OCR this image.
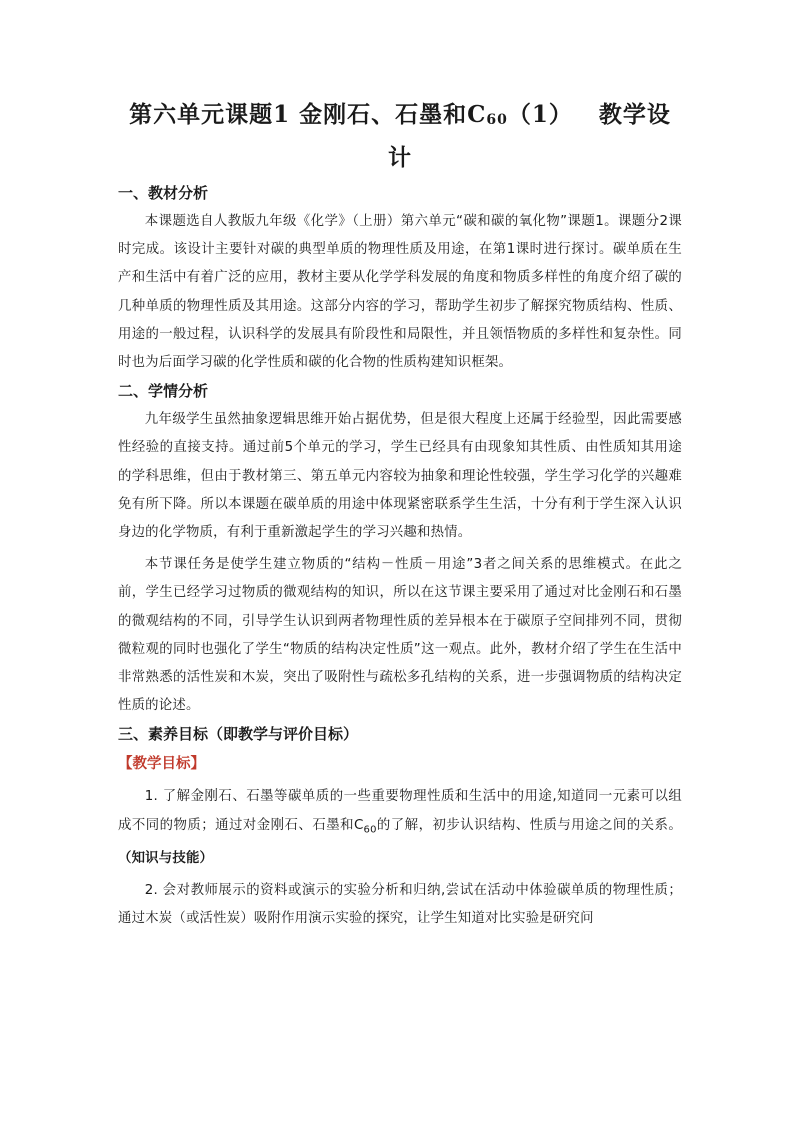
第六单元课题1 金刚石、石墨和$C_{60}(1)$ 教学设
计
一、教材分析

本课题选自人教版九年级《化学》（上册）第六单元“碳和碳的氧化物”课题1。课题分2课时完成。该设计主要针对碳的典型单质的物理性质及用途，在第1课时进行探讨。碳单质在生产和生活中有着广泛的应用，教材主要从化学学科发展的角度和物质多样性的角度介绍了碳的几种单质的物理性质及其用途。这部分内容的学习，帮助学生初步了解探究物质结构、性质、用途的一般过程，认识科学的发展具有阶段性和局限性，并且领悟物质的多样性和复杂性。同时也为后面学习碳的化学性质和碳的化合物的性质构建知识框架。

二、学情分析

九年级学生虽然抽象逻辑思维开始占据优势，但是很大程度上还属于经验型，因此需要感性经验的直接支持。通过前5个单元的学习，学生已经具有由现象知其性质、由性质知其用途的学科思维，但由于教材第三、第五单元内容较为抽象和理论性较强，学生学习化学的兴趣难免有所下降。所以本课题在碳单质的用途中体现紧密联系学生生活，十分有利于学生深入认识身边的化学物质，有利于重新激起学生的学习兴趣和热情。

本节课任务是使学生建立物质的“结构－性质－用途”3者之间关系的思维模式。在此之前，学生已经学习过物质的微观结构的知识，所以在这节课主要采用了通过对比金刚石和石墨的微观结构的不同，引导学生认识到两者物理性质的差异根本在于碳原子空间排列不同，贯彻微粒观的同时也强化了学生“物质的结构决定性质”这一观点。此外，教材介绍了学生在生活中非常熟悉的活性炭和木炭，突出了吸附性与疏松多孔结构的关系，进一步强调物质的结构决定性质的论述。

三、素养目标（即教学与评价目标）
【教学目标】

1. 了解金刚石、石墨等碳单质的一些重要物理性质和生活中的用途,知道同一元素可以组成不同的物质；通过对金刚石、石墨和$C_{60}$的了解，初步认识结构、性质与用途之间的关系。（知识与技能）

2. 会对教师展示的资料或演示的实验分析和归纳,尝试在活动中体验碳单质的物理性质；通过木炭（或活性炭）吸附作用演示实验的探究，让学生知道对比实验是研究问
